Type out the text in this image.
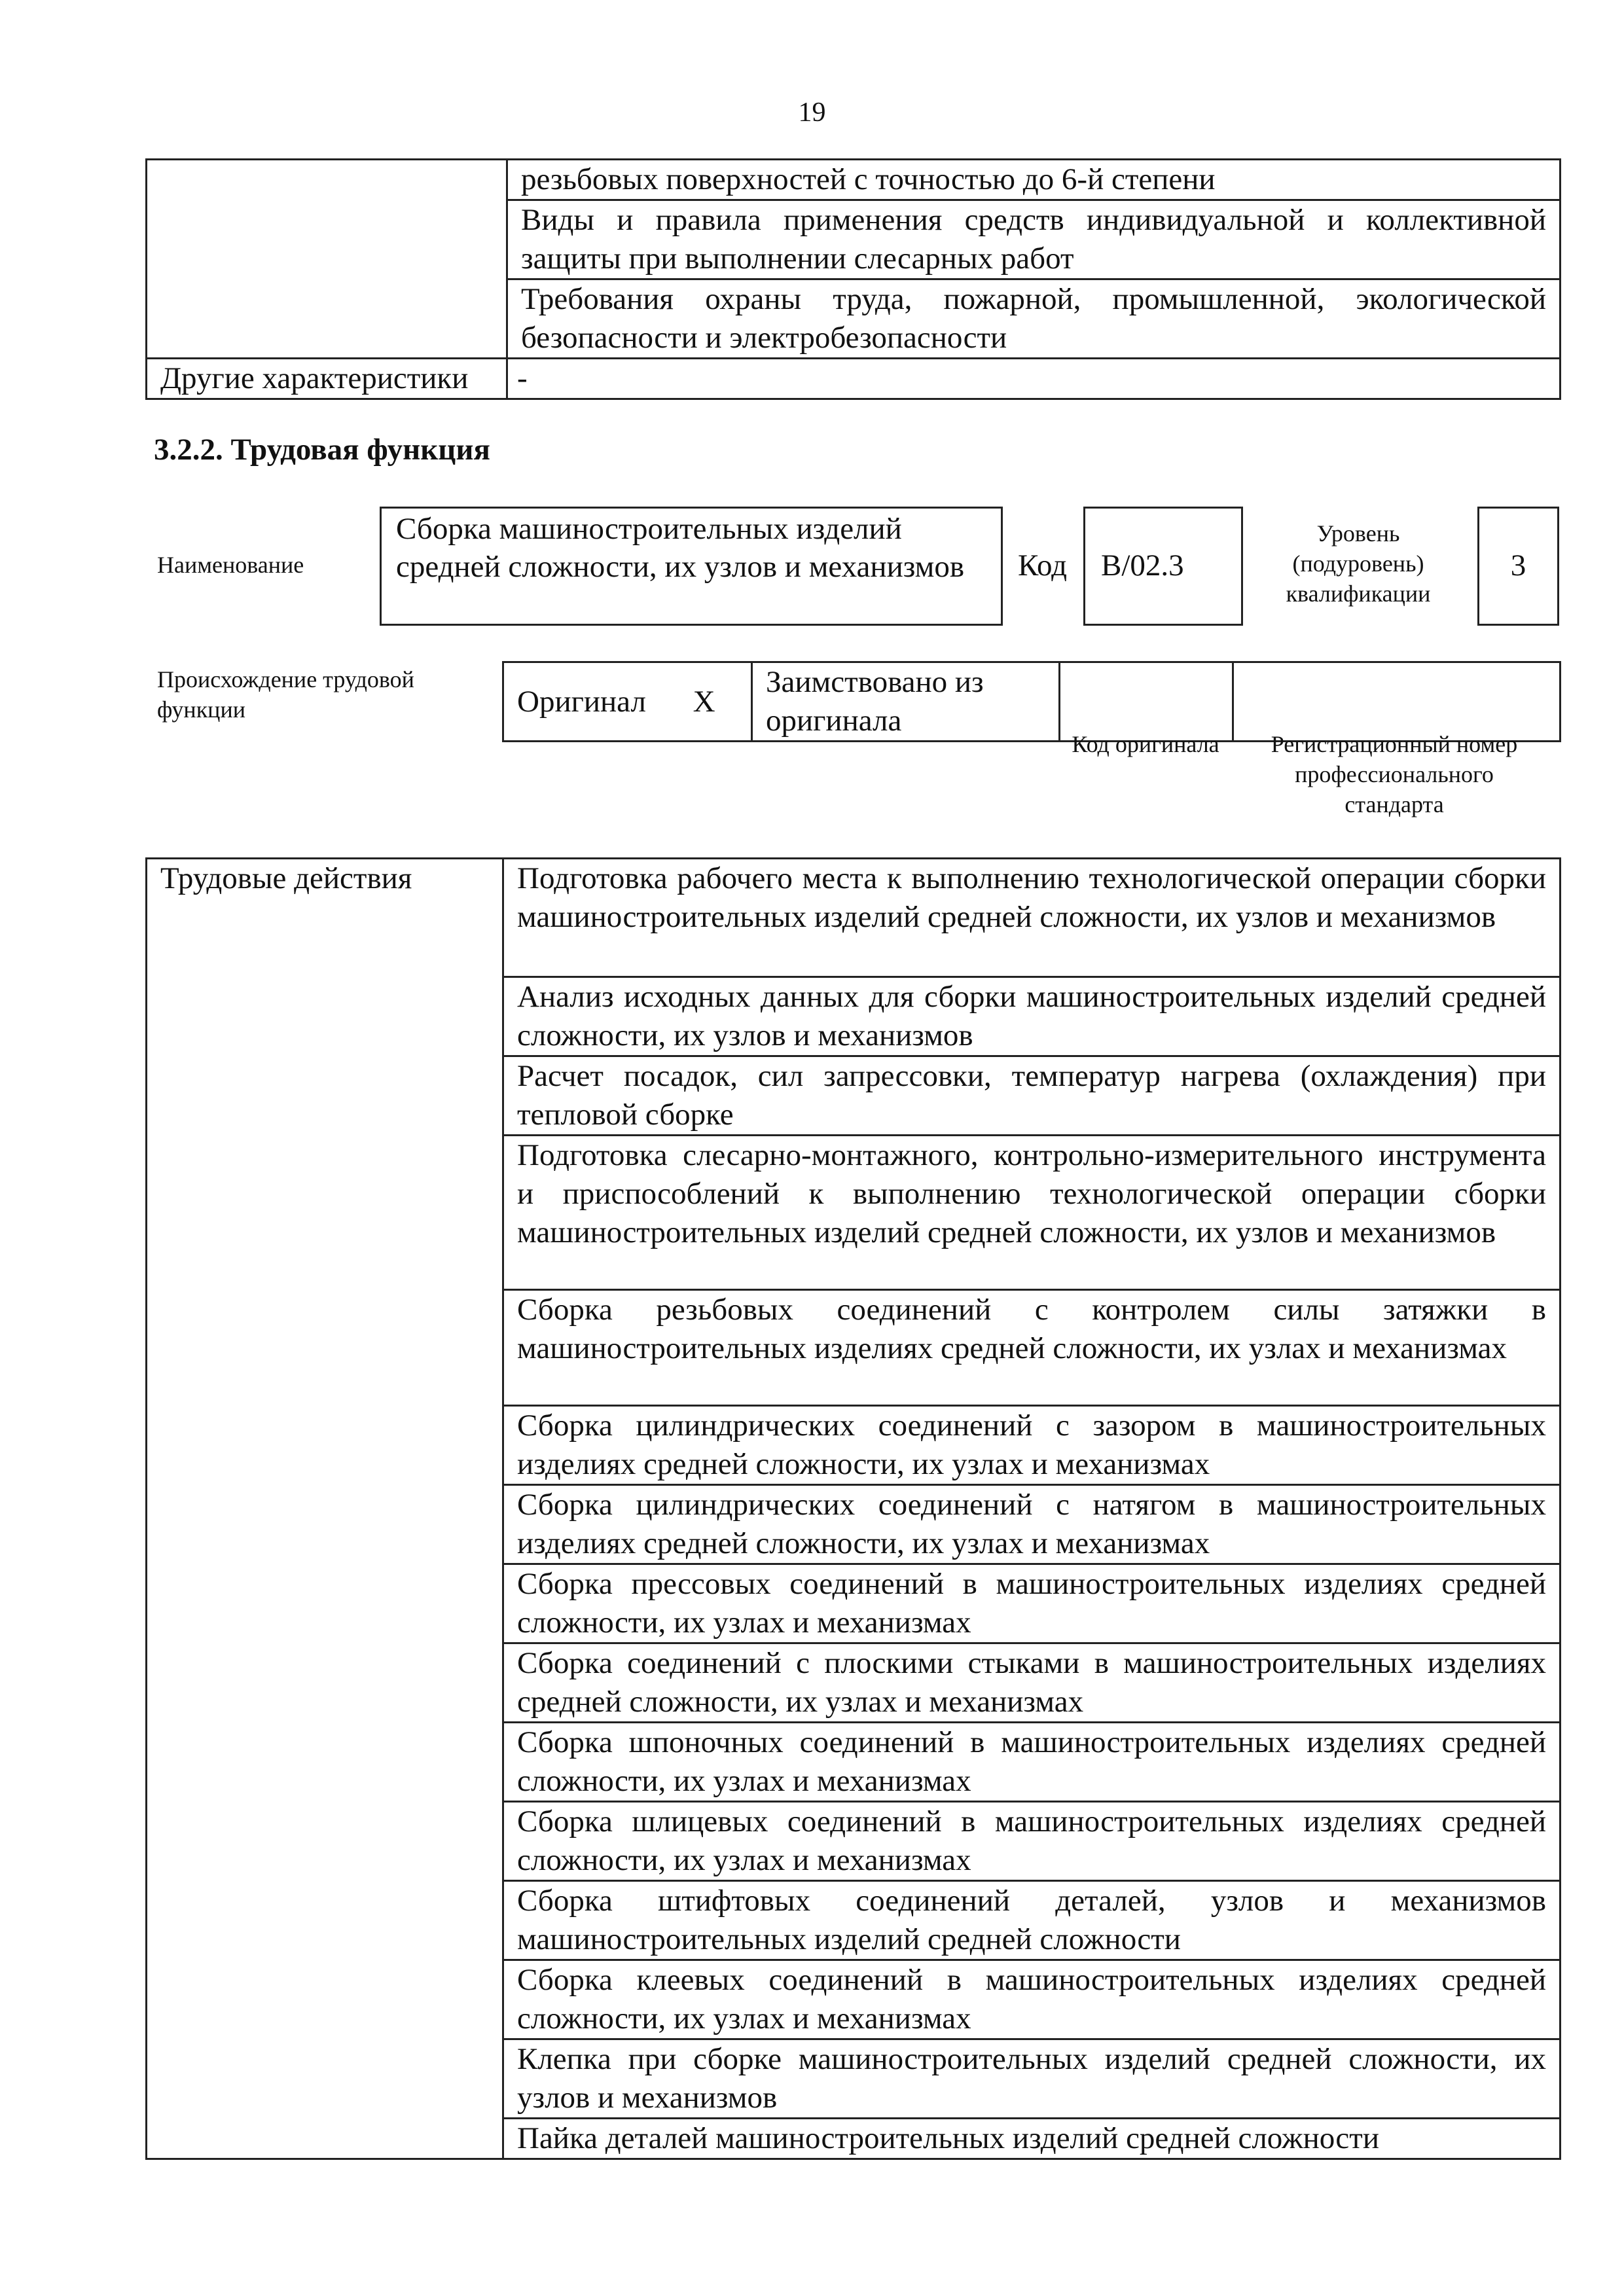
19
	резьбовых поверхностей с точностью до 6-й степени
	Виды и правила применения средств индивидуальной и коллективной защиты при выполнении слесарных работ
	Требования охраны труда, пожарной, промышленной, экологической безопасности и электробезопасности
Другие характеристики	-
3.2.2. Трудовая функция
Наименование
Сборка машиностроительных изделий средней сложности, их узлов и механизмов	Код	B/02.3
Уровень (подуровень) квалификации
3
Происхождение трудовой функции	Оригинал X	Заимствовано из оригинала		
Код оригинала	Регистрационный номер профессионального стандарта
Трудовые действия	Подготовка рабочего места к выполнению технологической операции сборки машиностроительных изделий средней сложности, их узлов и механизмов
Анализ исходных данных для сборки машиностроительных изделий средней сложности, их узлов и механизмов
Расчет посадок, сил запрессовки, температур нагрева (охлаждения) при тепловой сборке
Подготовка слесарно-монтажного, контрольно-измерительного инструмента и приспособлений к выполнению технологической операции сборки машиностроительных изделий средней сложности, их узлов и механизмов
Сборка резьбовых соединений с контролем силы затяжки в машиностроительных изделиях средней сложности, их узлах и механизмах
Сборка цилиндрических соединений с зазором в машиностроительных изделиях средней сложности, их узлах и механизмах
Сборка цилиндрических соединений с натягом в машиностроительных изделиях средней сложности, их узлах и механизмах
Сборка прессовых соединений в машиностроительных изделиях средней сложности, их узлах и механизмах
Сборка соединений с плоскими стыками в машиностроительных изделиях средней сложности, их узлах и механизмах
Сборка шпоночных соединений в машиностроительных изделиях средней сложности, их узлах и механизмах
Сборка шлицевых соединений в машиностроительных изделиях средней сложности, их узлах и механизмах
Сборка штифтовых соединений деталей, узлов и механизмов машиностроительных изделий средней сложности
Сборка клеевых соединений в машиностроительных изделиях средней сложности, их узлах и механизмах
Клепка при сборке машиностроительных изделий средней сложности, их узлов и механизмов
Пайка деталей машиностроительных изделий средней сложности
